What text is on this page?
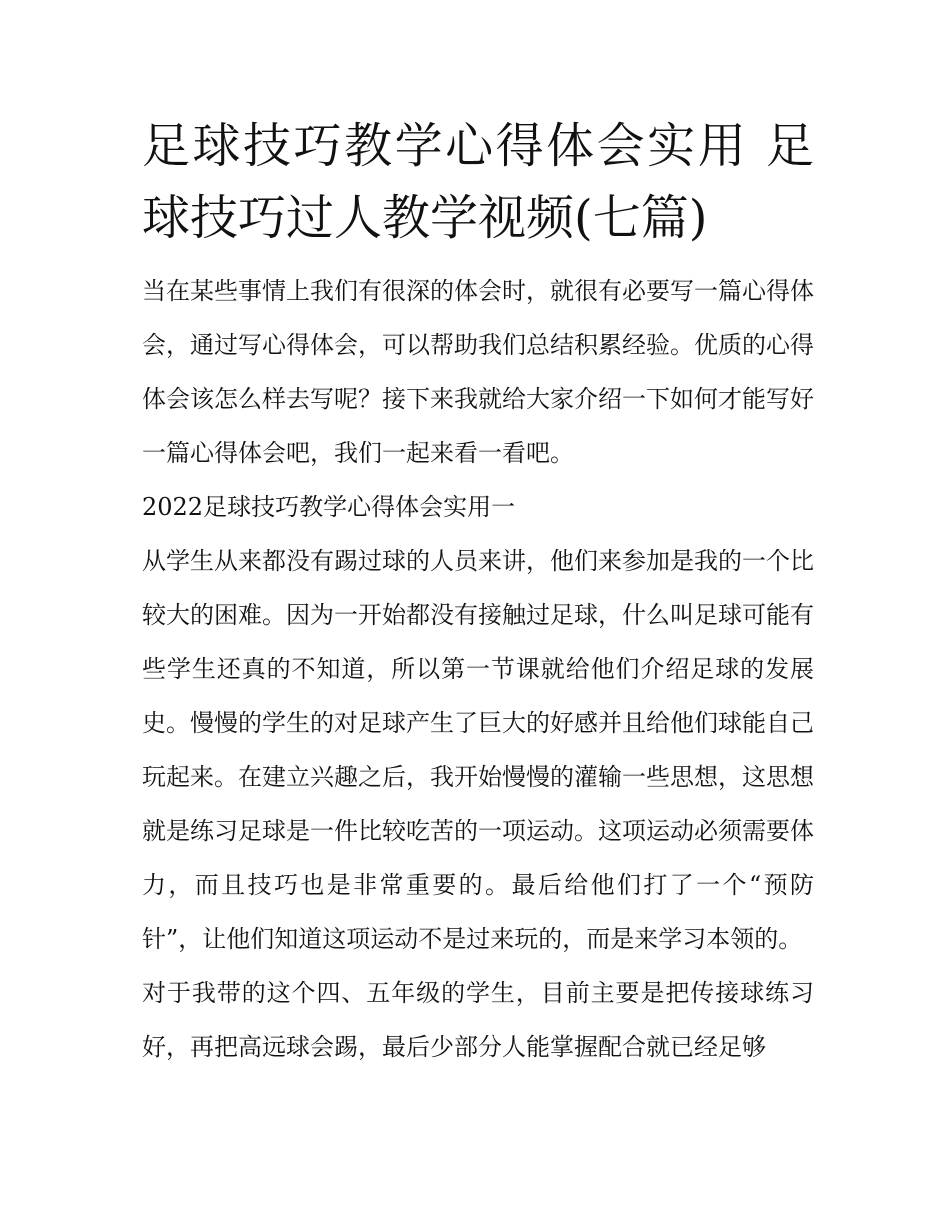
足球技巧教学心得体会实用 足球技巧过人教学视频(七篇)

当在某些事情上我们有很深的体会时，就很有必要写一篇心得体会，通过写心得体会，可以帮助我们总结积累经验。优质的心得体会该怎么样去写呢？接下来我就给大家介绍一下如何才能写好一篇心得体会吧，我们一起来看一看吧。

2022足球技巧教学心得体会实用一

从学生从来都没有踢过球的人员来讲，他们来参加是我的一个比较大的困难。因为一开始都没有接触过足球，什么叫足球可能有些学生还真的不知道，所以第一节课就给他们介绍足球的发展史。慢慢的学生的对足球产生了巨大的好感并且给他们球能自己玩起来。在建立兴趣之后，我开始慢慢的灌输一些思想，这思想就是练习足球是一件比较吃苦的一项运动。这项运动必须需要体力，而且技巧也是非常重要的。最后给他们打了一个“预防针”，让他们知道这项运动不是过来玩的，而是来学习本领的。

对于我带的这个四、五年级的学生，目前主要是把传接球练习好，再把高远球会踢，最后少部分人能掌握配合就已经足够
